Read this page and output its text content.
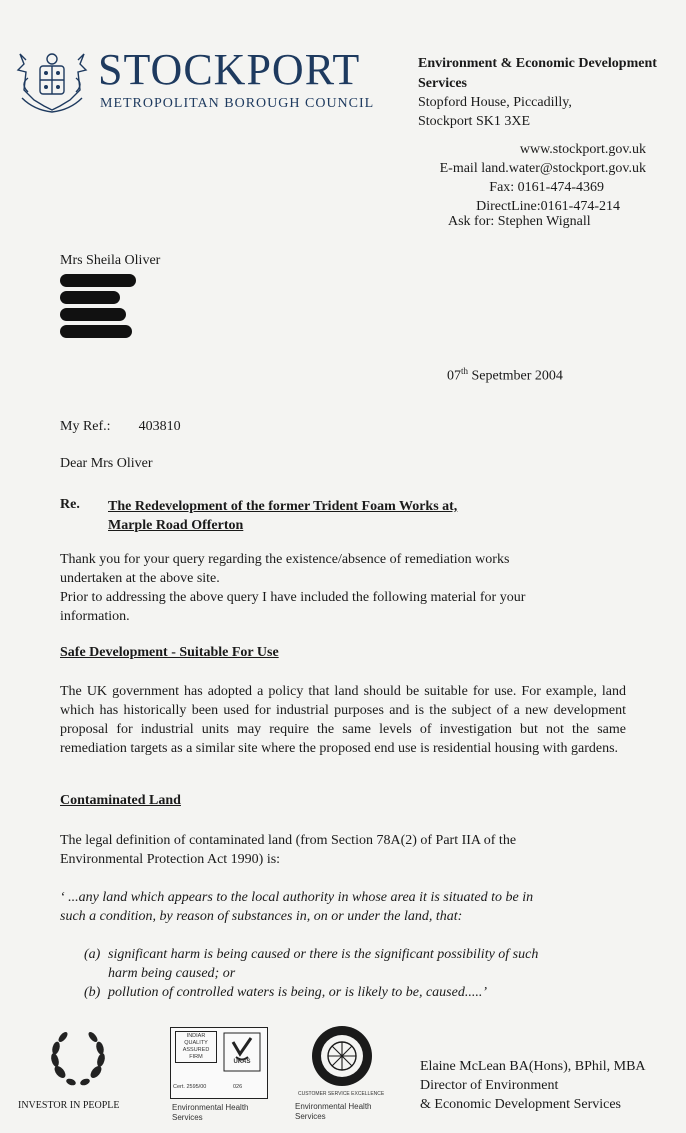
STOCKPORT
METROPOLITAN BOROUGH COUNCIL
Environment & Economic Development
Services
Stopford House, Piccadilly,
Stockport SK1 3XE
www.stockport.gov.uk
E-mail land.water@stockport.gov.uk
Fax: 0161-474-4369
DirectLine:0161-474-214
Ask for: Stephen Wignall
Mrs Sheila Oliver
07th Sepetmber 2004
My Ref.: 403810
Dear Mrs Oliver
Re. The Redevelopment of the former Trident Foam Works at,
Marple Road Offerton
Thank you for your query regarding the existence/absence of remediation works
undertaken at the above site.
Prior to addressing the above query I have included the following material for your
information.
Safe Development - Suitable For Use
The UK government has adopted a policy that land should be suitable for use. For example, land which has historically been used for industrial purposes and is the subject of a new development proposal for industrial units may require the same levels of investigation but not the same remediation targets as a similar site where the proposed end use is residential housing with gardens.
Contaminated Land
The legal definition of contaminated land (from Section 78A(2) of Part IIA of the
Environmental Protection Act 1990) is:
‘ ...any land which appears to the local authority in whose area it is situated to be in
such a condition, by reason of substances in, on or under the land, that:
(a) significant harm is being caused or there is the significant possibility of such
harm being caused; or
(b) pollution of controlled waters is being, or is likely to be, caused.....’
INVESTOR IN PEOPLE
INDIAR
QUALITY
ASSURED
FIRM
UKAS
Cert. 2595/00	026
Environmental Health
Services
CUSTOMER SERVICE EXCELLENCE
Environmental Health
Services
Elaine McLean BA(Hons), BPhil, MBA
Director of Environment
& Economic Development Services
